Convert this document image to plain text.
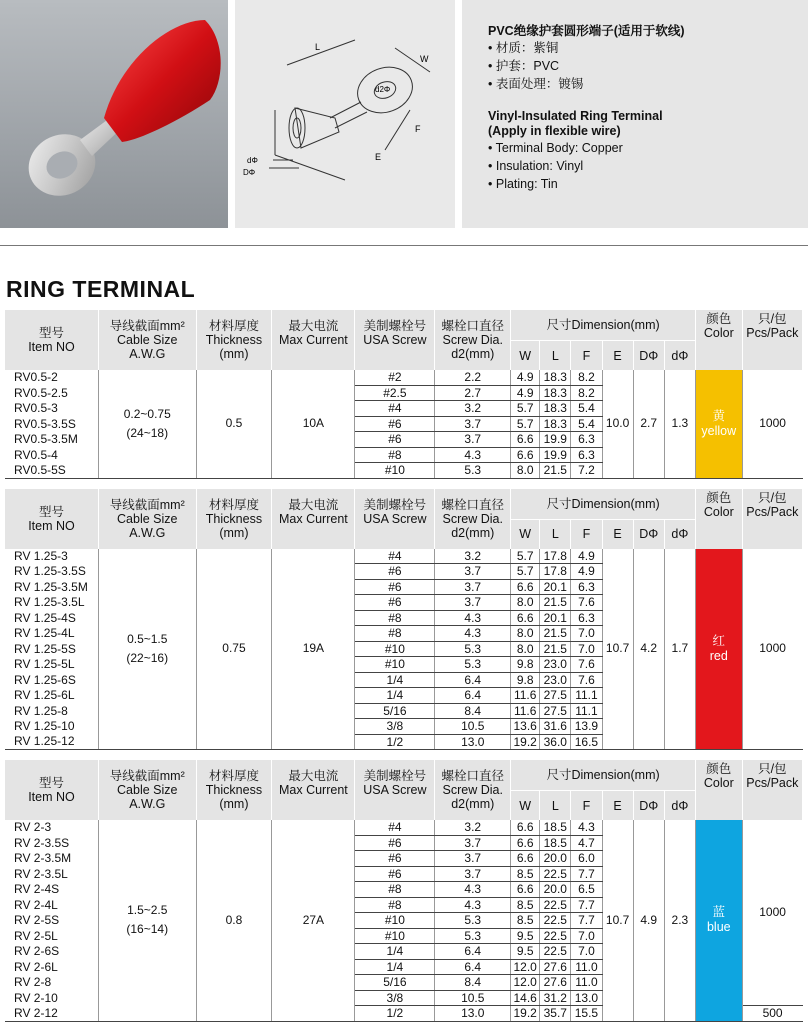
W
L
F
E
d2Φ
dΦ
DΦ
PVC绝缘护套圆形端子(适用于软线)
• 材质：紫铜
• 护套：PVC
• 表面处理：镀锡
Vinyl-Insulated Ring Terminal
(Apply in flexible wire)
• Terminal Body: Copper
• Insulation: Vinyl
• Plating: Tin
RING TERMINAL
型号
Item NO	导线截面mm²
Cable Size
A.W.G	材料厚度
Thickness
(mm)	最大电流
Max Current	美制螺栓号
USA Screw	螺栓口直径
Screw Dia.
d2(mm)	尺寸Dimension(mm)						颜色
Color	只/包
Pcs/Pack

						W	L	F	E	DΦ	dΦ		
RV0.5-2	0.2~0.75
(24~18)	0.5	10A	#2	2.2	4.9	18.3	8.2	10.0	2.7	1.3	黄
yellow	1000
RV0.5-2.5				#2.5	2.7	4.9	18.3	8.2					
RV0.5-3				#4	3.2	5.7	18.3	5.4					
RV0.5-3.5S				#6	3.7	5.7	18.3	5.4					
RV0.5-3.5M				#6	3.7	6.6	19.9	6.3					
RV0.5-4				#8	4.3	6.6	19.9	6.3					
RV0.5-5S				#10	5.3	8.0	21.5	7.2					
型号
Item NO	导线截面mm²
Cable Size
A.W.G	材料厚度
Thickness
(mm)	最大电流
Max Current	美制螺栓号
USA Screw	螺栓口直径
Screw Dia.
d2(mm)	尺寸Dimension(mm)						颜色
Color	只/包
Pcs/Pack

						W	L	F	E	DΦ	dΦ		
RV 1.25-3	0.5~1.5
(22~16)	0.75	19A	#4	3.2	5.7	17.8	4.9	10.7	4.2	1.7	红
red	1000
RV 1.25-3.5S				#6	3.7	5.7	17.8	4.9					
RV 1.25-3.5M				#6	3.7	6.6	20.1	6.3					
RV 1.25-3.5L				#6	3.7	8.0	21.5	7.6					
RV 1.25-4S				#8	4.3	6.6	20.1	6.3					
RV 1.25-4L				#8	4.3	8.0	21.5	7.0					
RV 1.25-5S				#10	5.3	8.0	21.5	7.0					
RV 1.25-5L				#10	5.3	9.8	23.0	7.6					
RV 1.25-6S				1/4	6.4	9.8	23.0	7.6					
RV 1.25-6L				1/4	6.4	11.6	27.5	11.1					
RV 1.25-8				5/16	8.4	11.6	27.5	11.1					
RV 1.25-10				3/8	10.5	13.6	31.6	13.9					
RV 1.25-12				1/2	13.0	19.2	36.0	16.5					
型号
Item NO	导线截面mm²
Cable Size
A.W.G	材料厚度
Thickness
(mm)	最大电流
Max Current	美制螺栓号
USA Screw	螺栓口直径
Screw Dia.
d2(mm)	尺寸Dimension(mm)						颜色
Color	只/包
Pcs/Pack

						W	L	F	E	DΦ	dΦ		
RV 2-3	1.5~2.5
(16~14)	0.8	27A	#4	3.2	6.6	18.5	4.3	10.7	4.9	2.3	蓝
blue	1000
RV 2-3.5S				#6	3.7	6.6	18.5	4.7					
RV 2-3.5M				#6	3.7	6.6	20.0	6.0					
RV 2-3.5L				#6	3.7	8.5	22.5	7.7					
RV 2-4S				#8	4.3	6.6	20.0	6.5					
RV 2-4L				#8	4.3	8.5	22.5	7.7					
RV 2-5S				#10	5.3	8.5	22.5	7.7					
RV 2-5L				#10	5.3	9.5	22.5	7.0					
RV 2-6S				1/4	6.4	9.5	22.5	7.0					
RV 2-6L				1/4	6.4	12.0	27.6	11.0					
RV 2-8				5/16	8.4	12.0	27.6	11.0					
RV 2-10				3/8	10.5	14.6	31.2	13.0					
RV 2-12				1/2	13.0	19.2	35.7	15.5					500
